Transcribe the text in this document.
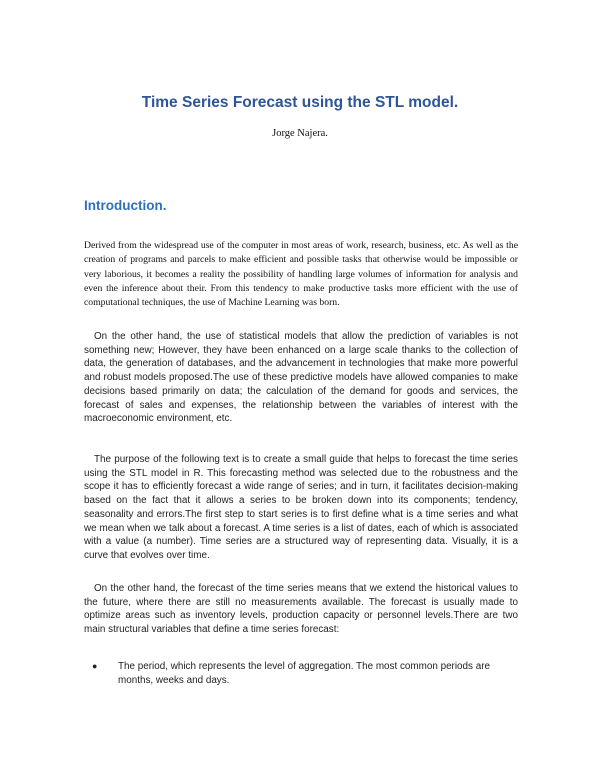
Time Series Forecast using the STL model.

Jorge Najera.

Introduction.

Derived from the widespread use of the computer in most areas of work, research, business, etc. As well as the creation of programs and parcels to make efficient and possible tasks that otherwise would be impossible or very laborious, it becomes a reality the possibility of handling large volumes of information for analysis and even the inference about their. From this tendency to make productive tasks more efficient with the use of computational techniques, the use of Machine Learning was born.

On the other hand, the use of statistical models that allow the prediction of variables is not something new; However, they have been enhanced on a large scale thanks to the collection of data, the generation of databases, and the advancement in technologies that make more powerful and robust models proposed.The use of these predictive models have allowed companies to make decisions based primarily on data; the calculation of the demand for goods and services, the forecast of sales and expenses, the relationship between the variables of interest with the macroeconomic environment, etc.

The purpose of the following text is to create a small guide that helps to forecast the time series using the STL model in R. This forecasting method was selected due to the robustness and the scope it has to efficiently forecast a wide range of series; and in turn, it facilitates decision-making based on the fact that it allows a series to be broken down into its components; tendency, seasonality and errors.The first step to start series is to first define what is a time series and what we mean when we talk about a forecast. A time series is a list of dates, each of which is associated with a value (a number). Time series are a structured way of representing data. Visually, it is a curve that evolves over time.

On the other hand, the forecast of the time series means that we extend the historical values to the future, where there are still no measurements available. The forecast is usually made to optimize areas such as inventory levels, production capacity or personnel levels.There are two main structural variables that define a time series forecast:

● The period, which represents the level of aggregation. The most common periods are months, weeks and days.
